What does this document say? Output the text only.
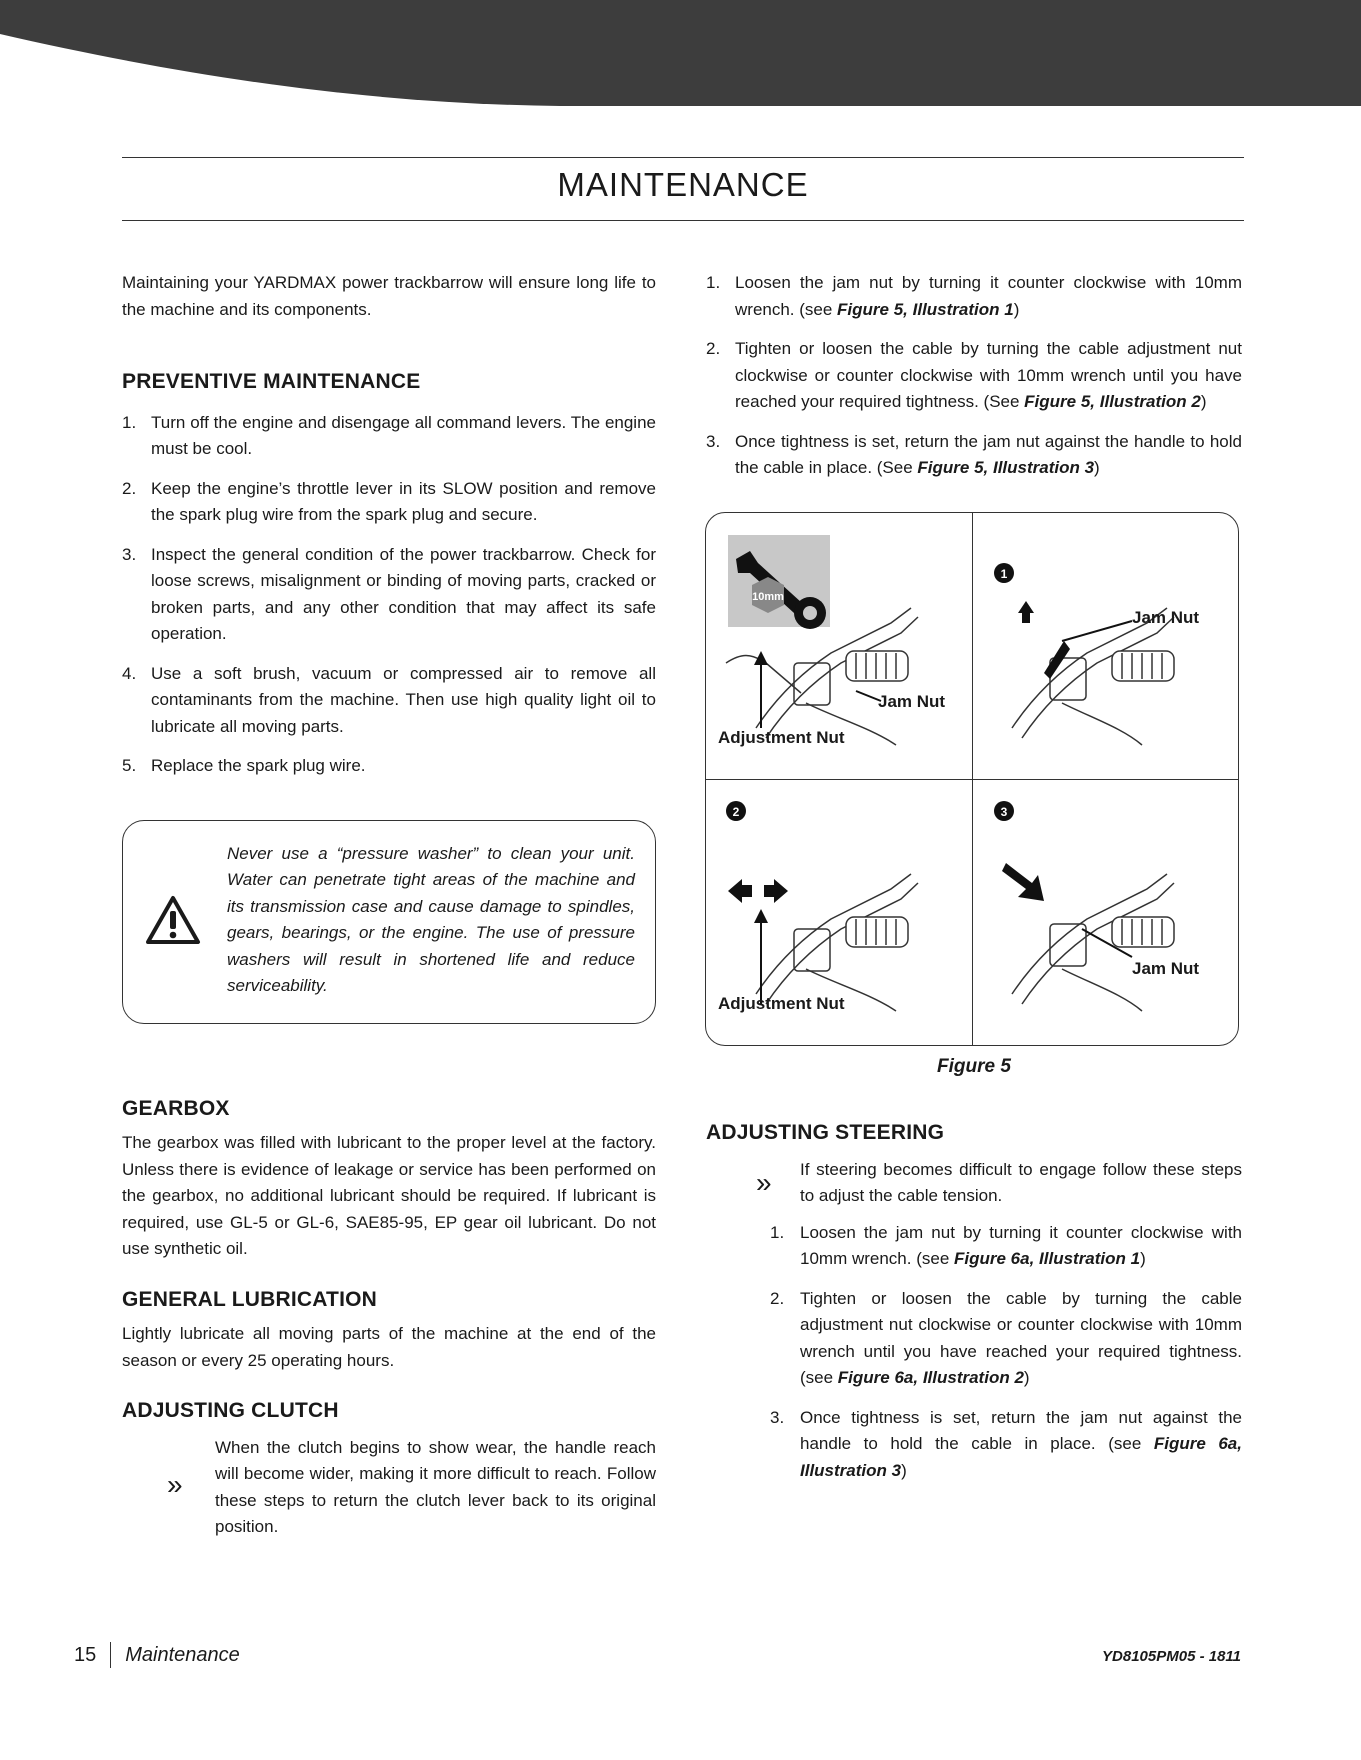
MAINTENANCE

Maintaining your YARDMAX power trackbarrow will ensure long life to the machine and its components.

PREVENTIVE MAINTENANCE
1. Turn off the engine and disengage all command levers. The engine must be cool.
2. Keep the engine’s throttle lever in its SLOW position and remove the spark plug wire from the spark plug and secure.
3. Inspect the general condition of the power trackbarrow. Check for loose screws, misalignment or binding of moving parts, cracked or broken parts, and any other condition that may affect its safe operation.
4. Use a soft brush, vacuum or compressed air to remove all contaminants from the machine. Then use high quality light oil to lubricate all moving parts.
5. Replace the spark plug wire.

Never use a “pressure washer” to clean your unit. Water can penetrate tight areas of the machine and its transmission case and cause damage to spindles, gears, bearings, or the engine. The use of pressure washers will result in shortened life and reduce serviceability.

GEARBOX

The gearbox was filled with lubricant to the proper level at the factory. Unless there is evidence of leakage or service has been performed on the gearbox, no additional lubricant should be required. If lubricant is required, use GL-5 or GL-6, SAE85-95, EP gear oil lubricant. Do not use synthetic oil.

GENERAL LUBRICATION

Lightly lubricate all moving parts of the machine at the end of the season or every 25 operating hours.

ADJUSTING CLUTCH
»

When the clutch begins to show wear, the handle reach will become wider, making it more difficult to reach. Follow these steps to return the clutch lever back to its original position.

1. Loosen the jam nut by turning it counter clockwise with 10mm wrench. (see Figure 5, Illustration 1)
2. Tighten or loosen the cable by turning the cable adjustment nut clockwise or counter clockwise with 10mm wrench until you have reached your required tightness. (See Figure 5, Illustration 2)
3. Once tightness is set, return the jam nut against the handle to hold the cable in place. (See Figure 5, Illustration 3)
10mm
Adjustment Nut
Jam Nut
1
Jam Nut
2
Adjustment Nut
3
Jam Nut
Figure 5
ADJUSTING STEERING
» If steering becomes difficult to engage follow these steps to adjust the cable tension.

1. Loosen the jam nut by turning it counter clockwise with 10mm wrench. (see Figure 6a, Illustration 1)
2. Tighten or loosen the cable by turning the cable adjustment nut clockwise or counter clockwise with 10mm wrench until you have reached your required tightness. (see Figure 6a, Illustration 2)
3. Once tightness is set, return the jam nut against the handle to hold the cable in place. (see Figure 6a, Illustration 3)
15 Maintenance	YD8105PM05 - 1811
